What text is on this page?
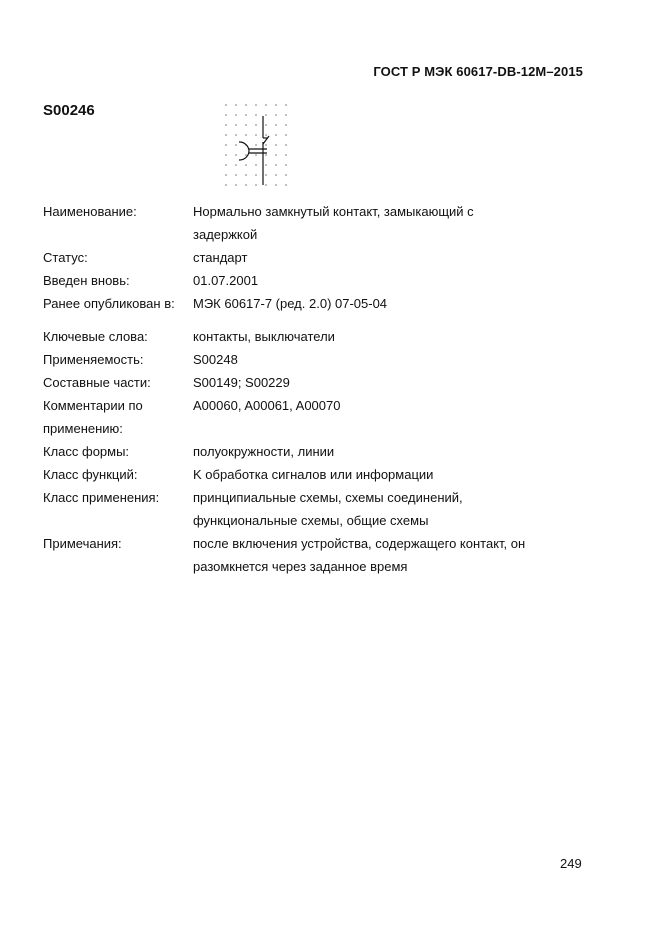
ГОСТ Р МЭК 60617-DB-12M–2015
S00246
Наименование:	Нормально замкнутый контакт, замыкающий с
задержкой
Статус:	стандарт
Введен вновь:	01.07.2001
Ранее опубликован в:	МЭК 60617-7 (ред. 2.0) 07-05-04
Ключевые слова:	контакты, выключатели
Применяемость:	S00248
Составные части:	S00149; S00229
Комментарии по	A00060, A00061, A00070
применению:
Класс формы:	полуокружности, линии
Класс функций:	K обработка сигналов или информации
Класс применения:	принципиальные схемы, схемы соединений,
функциональные схемы, общие схемы
Примечания:	после включения устройства, содержащего контакт, он
разомкнется через заданное время
249
